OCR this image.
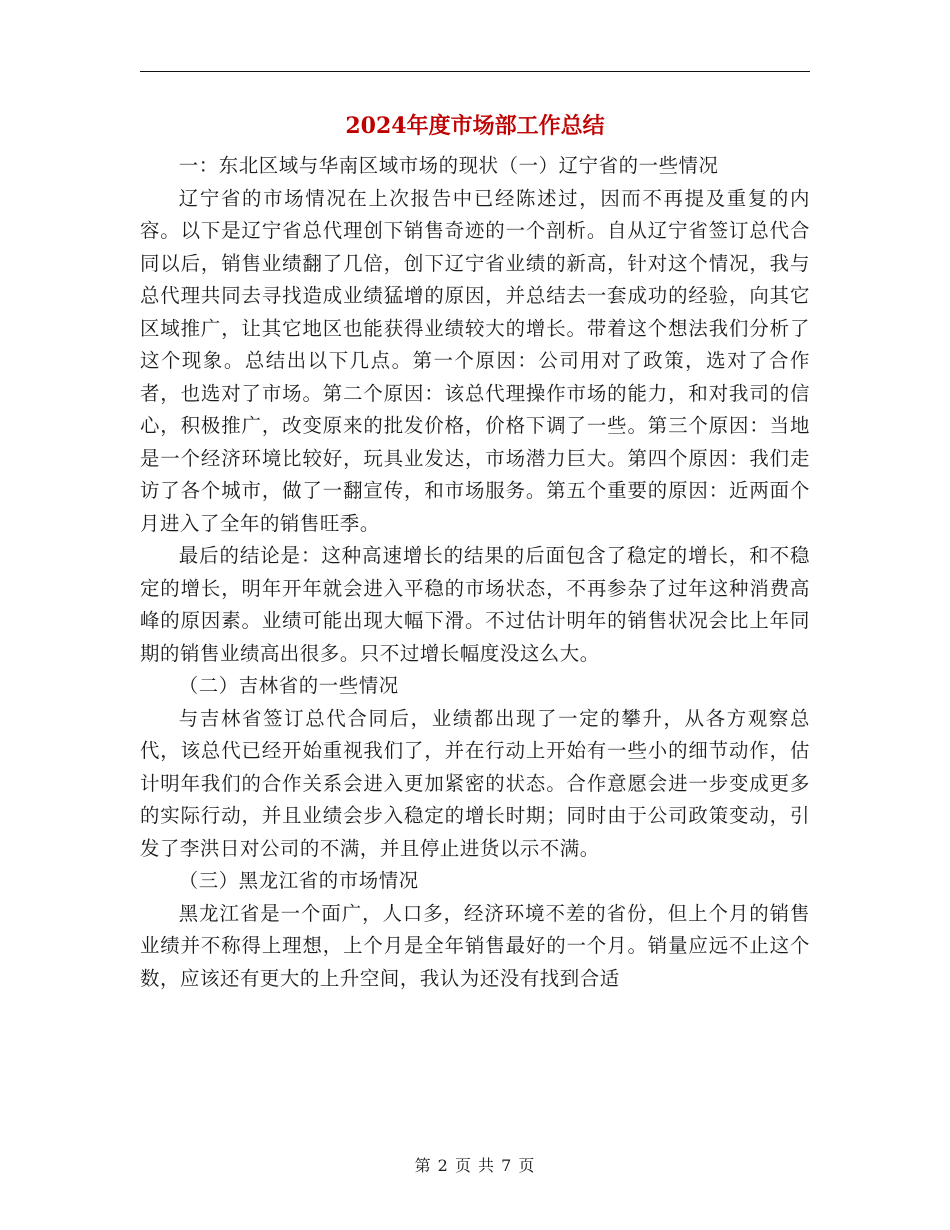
2024年度市场部工作总结

一：东北区域与华南区域市场的现状（一）辽宁省的一些情况

辽宁省的市场情况在上次报告中已经陈述过，因而不再提及重复的内容。以下是辽宁省总代理创下销售奇迹的一个剖析。自从辽宁省签订总代合同以后，销售业绩翻了几倍，创下辽宁省业绩的新高，针对这个情况，我与总代理共同去寻找造成业绩猛增的原因，并总结去一套成功的经验，向其它区域推广，让其它地区也能获得业绩较大的增长。带着这个想法我们分析了这个现象。总结出以下几点。第一个原因：公司用对了政策，选对了合作者，也选对了市场。第二个原因：该总代理操作市场的能力，和对我司的信心，积极推广，改变原来的批发价格，价格下调了一些。第三个原因：当地是一个经济环境比较好，玩具业发达，市场潜力巨大。第四个原因：我们走访了各个城市，做了一翻宣传，和市场服务。第五个重要的原因：近两面个月进入了全年的销售旺季。

最后的结论是：这种高速增长的结果的后面包含了稳定的增长，和不稳定的增长，明年开年就会进入平稳的市场状态，不再参杂了过年这种消费高峰的原因素。业绩可能出现大幅下滑。不过估计明年的销售状况会比上年同期的销售业绩高出很多。只不过增长幅度没这么大。

（二）吉林省的一些情况

与吉林省签订总代合同后，业绩都出现了一定的攀升，从各方观察总代，该总代已经开始重视我们了，并在行动上开始有一些小的细节动作，估计明年我们的合作关系会进入更加紧密的状态。合作意愿会进一步变成更多的实际行动，并且业绩会步入稳定的增长时期；同时由于公司政策变动，引发了李洪日对公司的不满，并且停止进货以示不满。

（三）黑龙江省的市场情况

黑龙江省是一个面广，人口多，经济环境不差的省份，但上个月的销售业绩并不称得上理想，上个月是全年销售最好的一个月。销量应远不止这个数，应该还有更大的上升空间，我认为还没有找到合适

第 2 页 共 7 页
